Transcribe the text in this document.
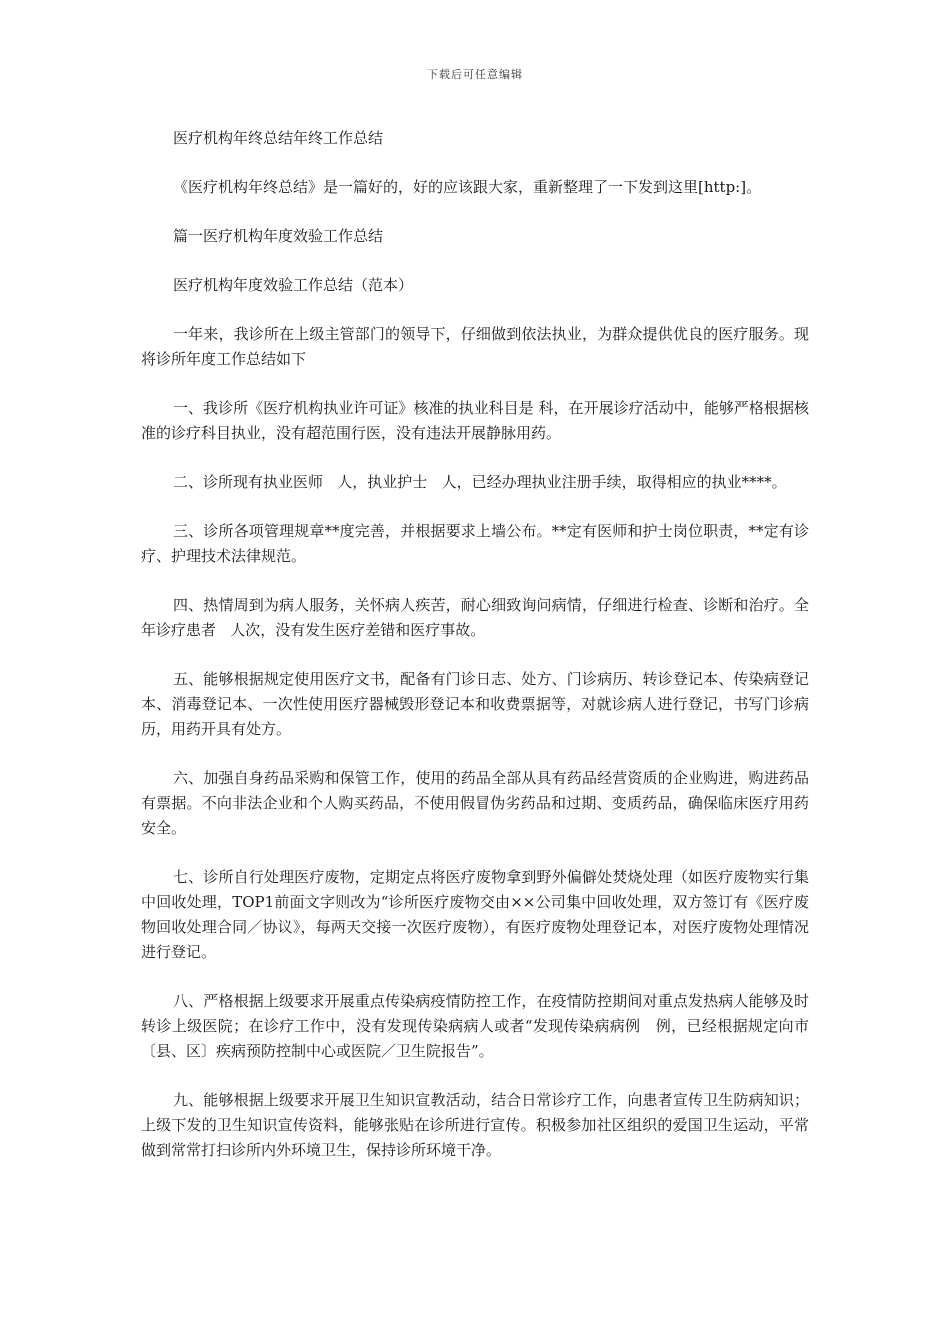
下载后可任意编辑

医疗机构年终总结年终工作总结

《医疗机构年终总结》是一篇好的，好的应该跟大家，重新整理了一下发到这里[http:]。

篇一医疗机构年度效验工作总结

医疗机构年度效验工作总结（范本）

一年来，我诊所在上级主管部门的领导下，仔细做到依法执业，为群众提供优良的医疗服务。现将诊所年度工作总结如下

一、我诊所《医疗机构执业许可证》核准的执业科目是 科，在开展诊疗活动中，能够严格根据核准的诊疗科目执业，没有超范围行医，没有违法开展静脉用药。

二、诊所现有执业医师   人，执业护士   人，已经办理执业注册手续，取得相应的执业****。

三、诊所各项管理规章**度完善，并根据要求上墙公布。**定有医师和护士岗位职责，**定有诊疗、护理技术法律规范。

四、热情周到为病人服务，关怀病人疾苦，耐心细致询问病情，仔细进行检查、诊断和治疗。全年诊疗患者   人次，没有发生医疗差错和医疗事故。

五、能够根据规定使用医疗文书，配备有门诊日志、处方、门诊病历、转诊登记本、传染病登记本、消毒登记本、一次性使用医疗器械毁形登记本和收费票据等，对就诊病人进行登记，书写门诊病历，用药开具有处方。

六、加强自身药品采购和保管工作，使用的药品全部从具有药品经营资质的企业购进，购进药品有票据。不向非法企业和个人购买药品，不使用假冒伪劣药品和过期、变质药品，确保临床医疗用药安全。

七、诊所自行处理医疗废物，定期定点将医疗废物拿到野外偏僻处焚烧处理（如医疗废物实行集中回收处理，TOP1前面文字则改为“诊所医疗废物交由××公司集中回收处理，双方签订有《医疗废物回收处理合同／协议》，每两天交接一次医疗废物），有医疗废物处理登记本，对医疗废物处理情况进行登记。

八、严格根据上级要求开展重点传染病疫情防控工作，在疫情防控期间对重点发热病人能够及时转诊上级医院；在诊疗工作中，没有发现传染病病人或者“发现传染病病例   例，已经根据规定向市〔县、区〕疾病预防控制中心或医院／卫生院报告”。

九、能够根据上级要求开展卫生知识宣教活动，结合日常诊疗工作，向患者宣传卫生防病知识；上级下发的卫生知识宣传资料，能够张贴在诊所进行宣传。积极参加社区组织的爱国卫生运动，平常做到常常打扫诊所内外环境卫生，保持诊所环境干净。
